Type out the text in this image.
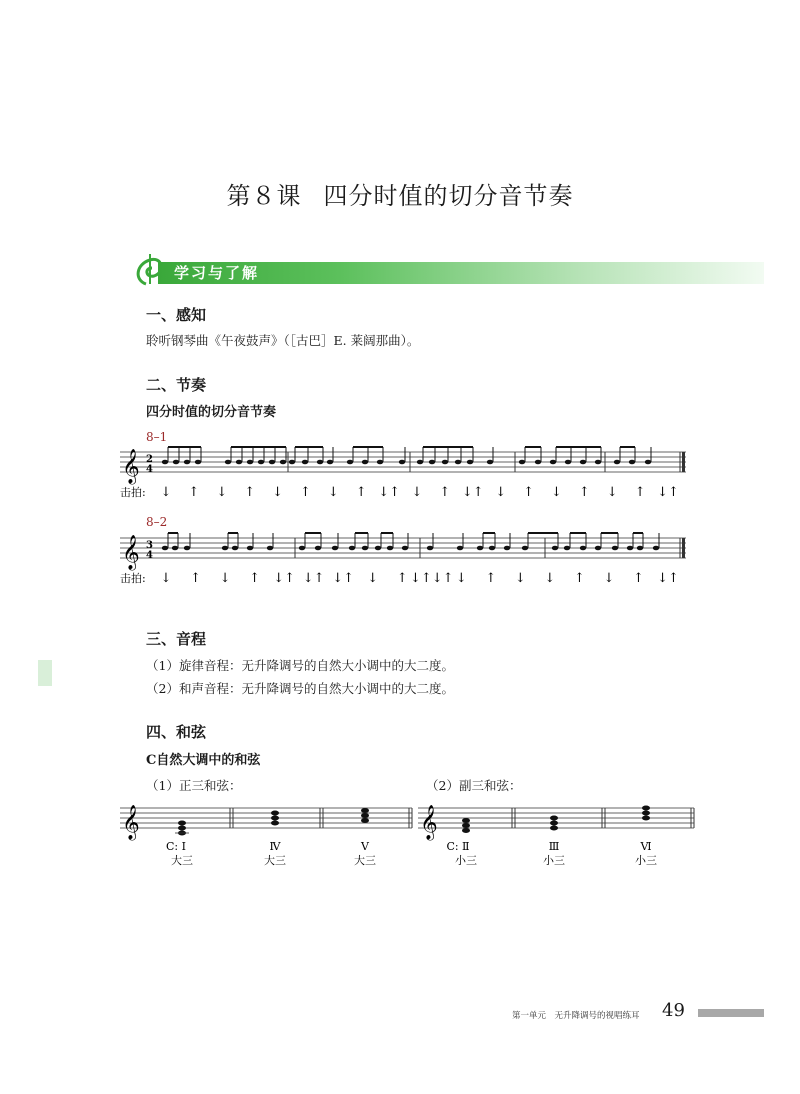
第８课 四分时值的切分音节奏
学习与了解
一、感知
聆听钢琴曲《午夜鼓声》（［古巴］E. 莱阔那曲）。
二、节奏
四分时值的切分音节奏
8–1
𝄞 2
4
击拍: ↓ ↑ ↓ ↑ ↓ ↑ ↓ ↑ ↓↑ ↓ ↑ ↓↑ ↓ ↑ ↓ ↑ ↓ ↑ ↓↑
8–2
𝄞 3
4
击拍: ↓ ↑ ↓ ↑ ↓↑ ↓↑ ↓↑ ↓ ↑ ↓↑↓↑ ↓ ↑ ↓ ↓ ↑ ↓ ↑ ↓↑
三、音程
（1）旋律音程：无升降调号的自然大小调中的大二度。
（2）和声音程：无升降调号的自然大小调中的大二度。
四、和弦
C自然大调中的和弦
（1）正三和弦：	（2）副三和弦：
𝄞
C: Ⅰ
大三
Ⅳ
大三
Ⅴ
大三
𝄞
C: Ⅱ
小三
Ⅲ
小三
Ⅵ
小三
第一单元　无升降调号的视唱练耳 49
